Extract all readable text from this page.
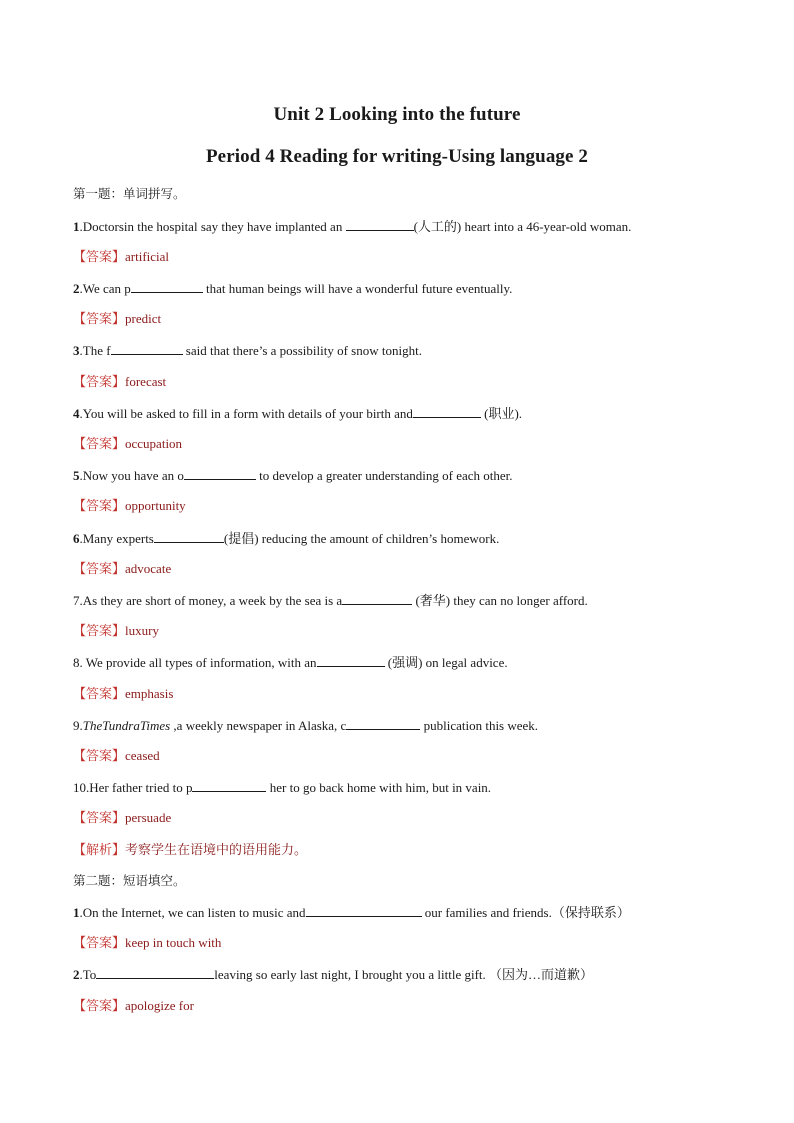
Unit 2 Looking into the future
Period 4 Reading for writing-Using language 2
第一题：单词拼写。
1.Doctorsin the hospital say they have implanted an	(人工的) heart into a 46-year-old woman.
【答案】artificial
2.We can p	that human beings will have a wonderful future eventually.
【答案】predict
3.The f	said that there’s a possibility of snow tonight.
【答案】forecast
4.You will be asked to fill in a form with details of your birth and	(职业).
【答案】occupation
5.Now you have an o	to develop a greater understanding of each other.
【答案】opportunity
6.Many experts	(提倡) reducing the amount of children’s homework.
【答案】advocate
7.As they are short of money, a week by the sea is a	(奢华) they can no longer afford.
【答案】luxury
8. We provide all types of information, with an	(强调) on legal advice.
【答案】emphasis
9.TheTundraTimes ,a weekly newspaper in Alaska, c	publication this week.
【答案】ceased
10.Her father tried to p	her to go back home with him, but in vain.
【答案】persuade
【解析】考察学生在语境中的语用能力。
第二题：短语填空。
1.On the Internet, we can listen to music and	our families and friends.（保持联系）
【答案】keep in touch with
2.To	leaving so early last night, I brought you a little gift. （因为…而道歉）
【答案】apologize for
